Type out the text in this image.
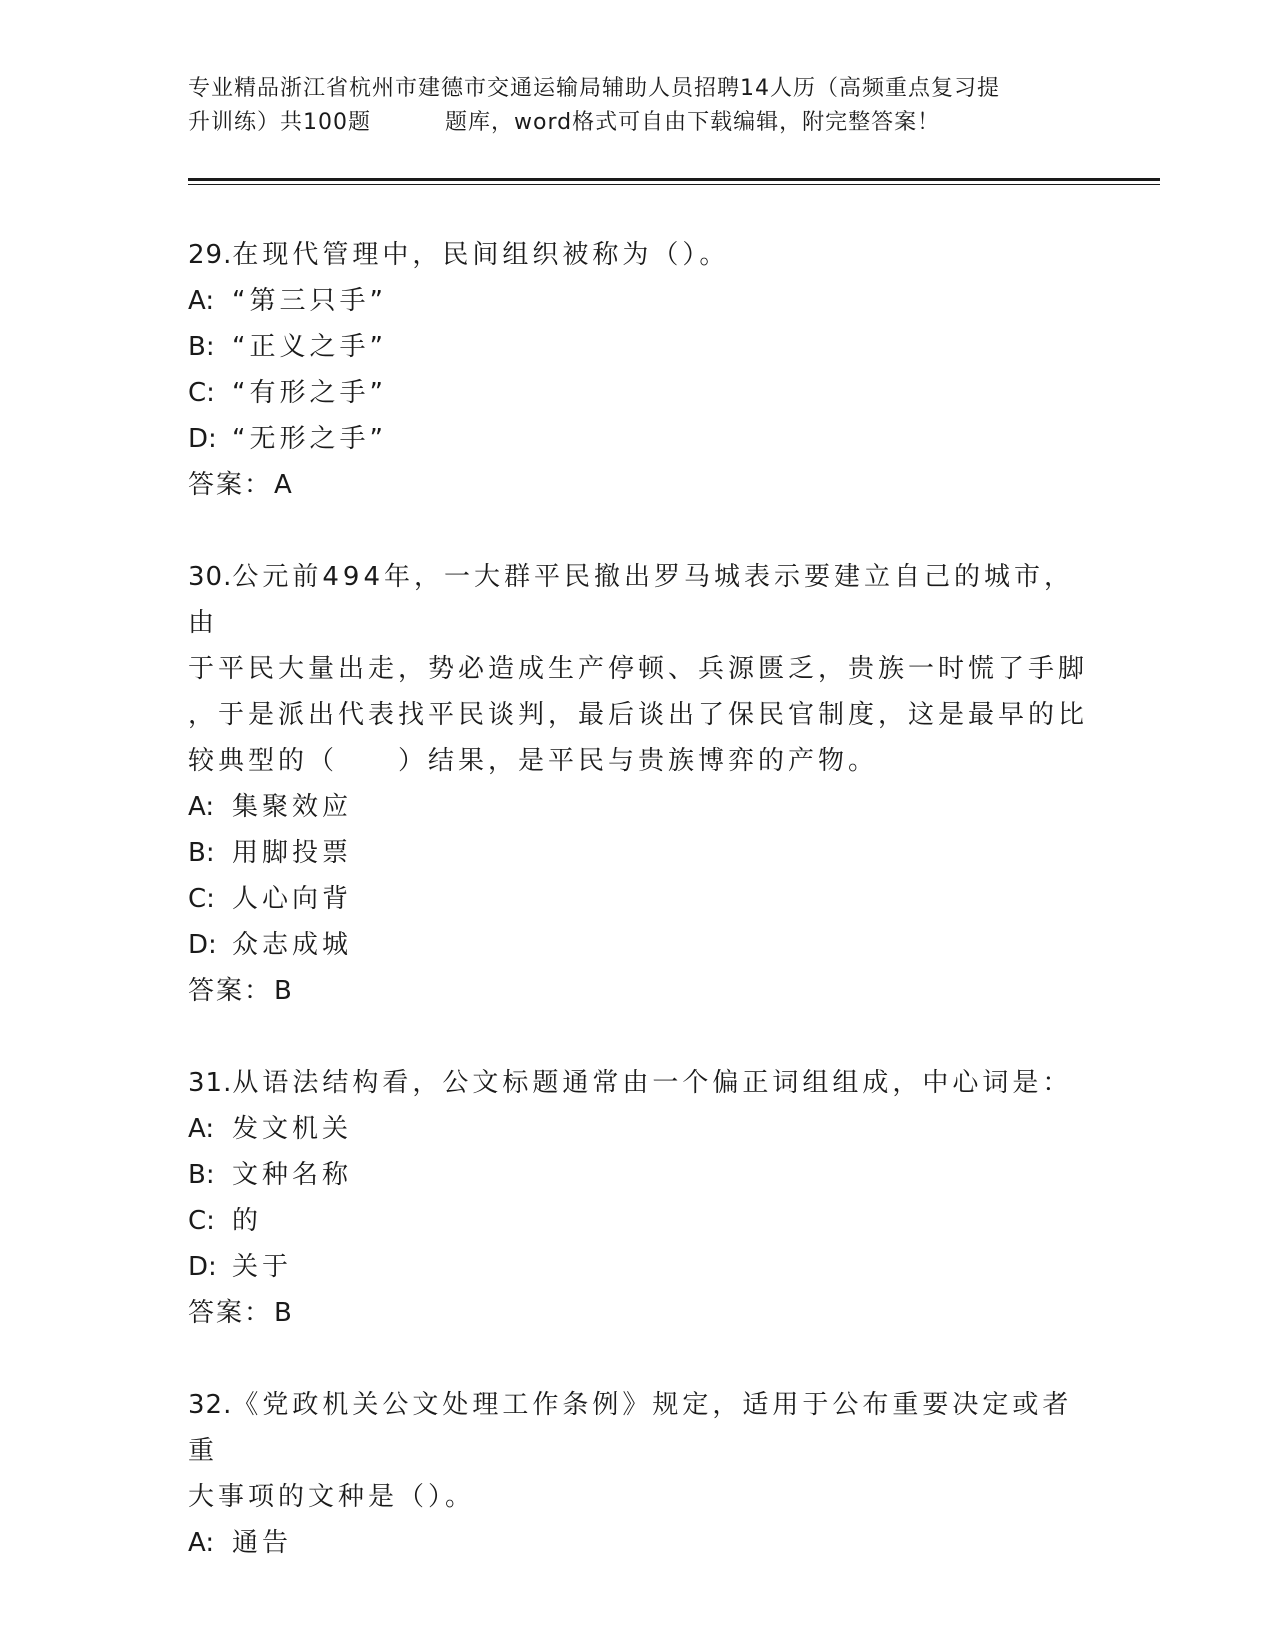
专业精品浙江省杭州市建德市交通运输局辅助人员招聘14人历（高频重点复习提
升训练）共100题	题库，word格式可自由下载编辑，附完整答案！
29.在现代管理中，民间组织被称为（）。
A: “第三只手”
B: “正义之手”
C: “有形之手”
D: “无形之手”
答案：A
30.公元前494年，一大群平民撤出罗马城表示要建立自己的城市，由
于平民大量出走，势必造成生产停顿、兵源匮乏，贵族一时慌了手脚
，于是派出代表找平民谈判，最后谈出了保民官制度，这是最早的比
较典型的（　　）结果，是平民与贵族博弈的产物。
A: 集聚效应
B: 用脚投票
C: 人心向背
D: 众志成城
答案：B
31.从语法结构看，公文标题通常由一个偏正词组组成，中心词是：
A: 发文机关
B: 文种名称
C: 的
D: 关于
答案：B
32.《党政机关公文处理工作条例》规定，适用于公布重要决定或者重
大事项的文种是（）。
A: 通告
